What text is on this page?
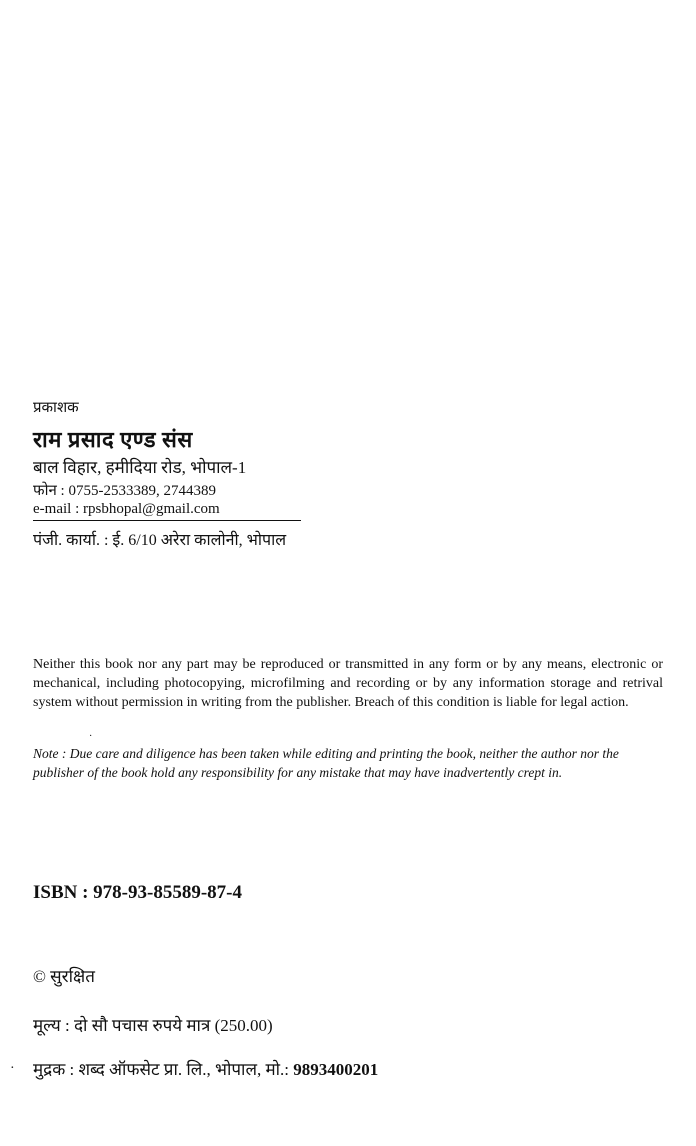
प्रकाशक
राम प्रसाद एण्ड संस
बाल विहार, हमीदिया रोड, भोपाल-1
फोन : 0755-2533389, 2744389
e-mail : rpsbhopal@gmail.com
पंजी. कार्या. : ई. 6/10 अरेरा कालोनी, भोपाल
Neither this book nor any part may be reproduced or transmitted in any form or by any means, electronic or mechanical, including photocopying, microfilming and recording or by any information storage and retrival system without permission in writing from the publisher. Breach of this condition is liable for legal action.
·
Note : Due care and diligence has been taken while editing and printing the book, neither the author nor the publisher of the book hold any responsibility for any mistake that may have inadvertently crept in.
ISBN : 978-93-85589-87-4
© सुरक्षित
मूल्य : दो सौ पचास रुपये मात्र (250.00)
· मुद्रक : शब्द ऑफसेट प्रा. लि., भोपाल, मो.: 9893400201
